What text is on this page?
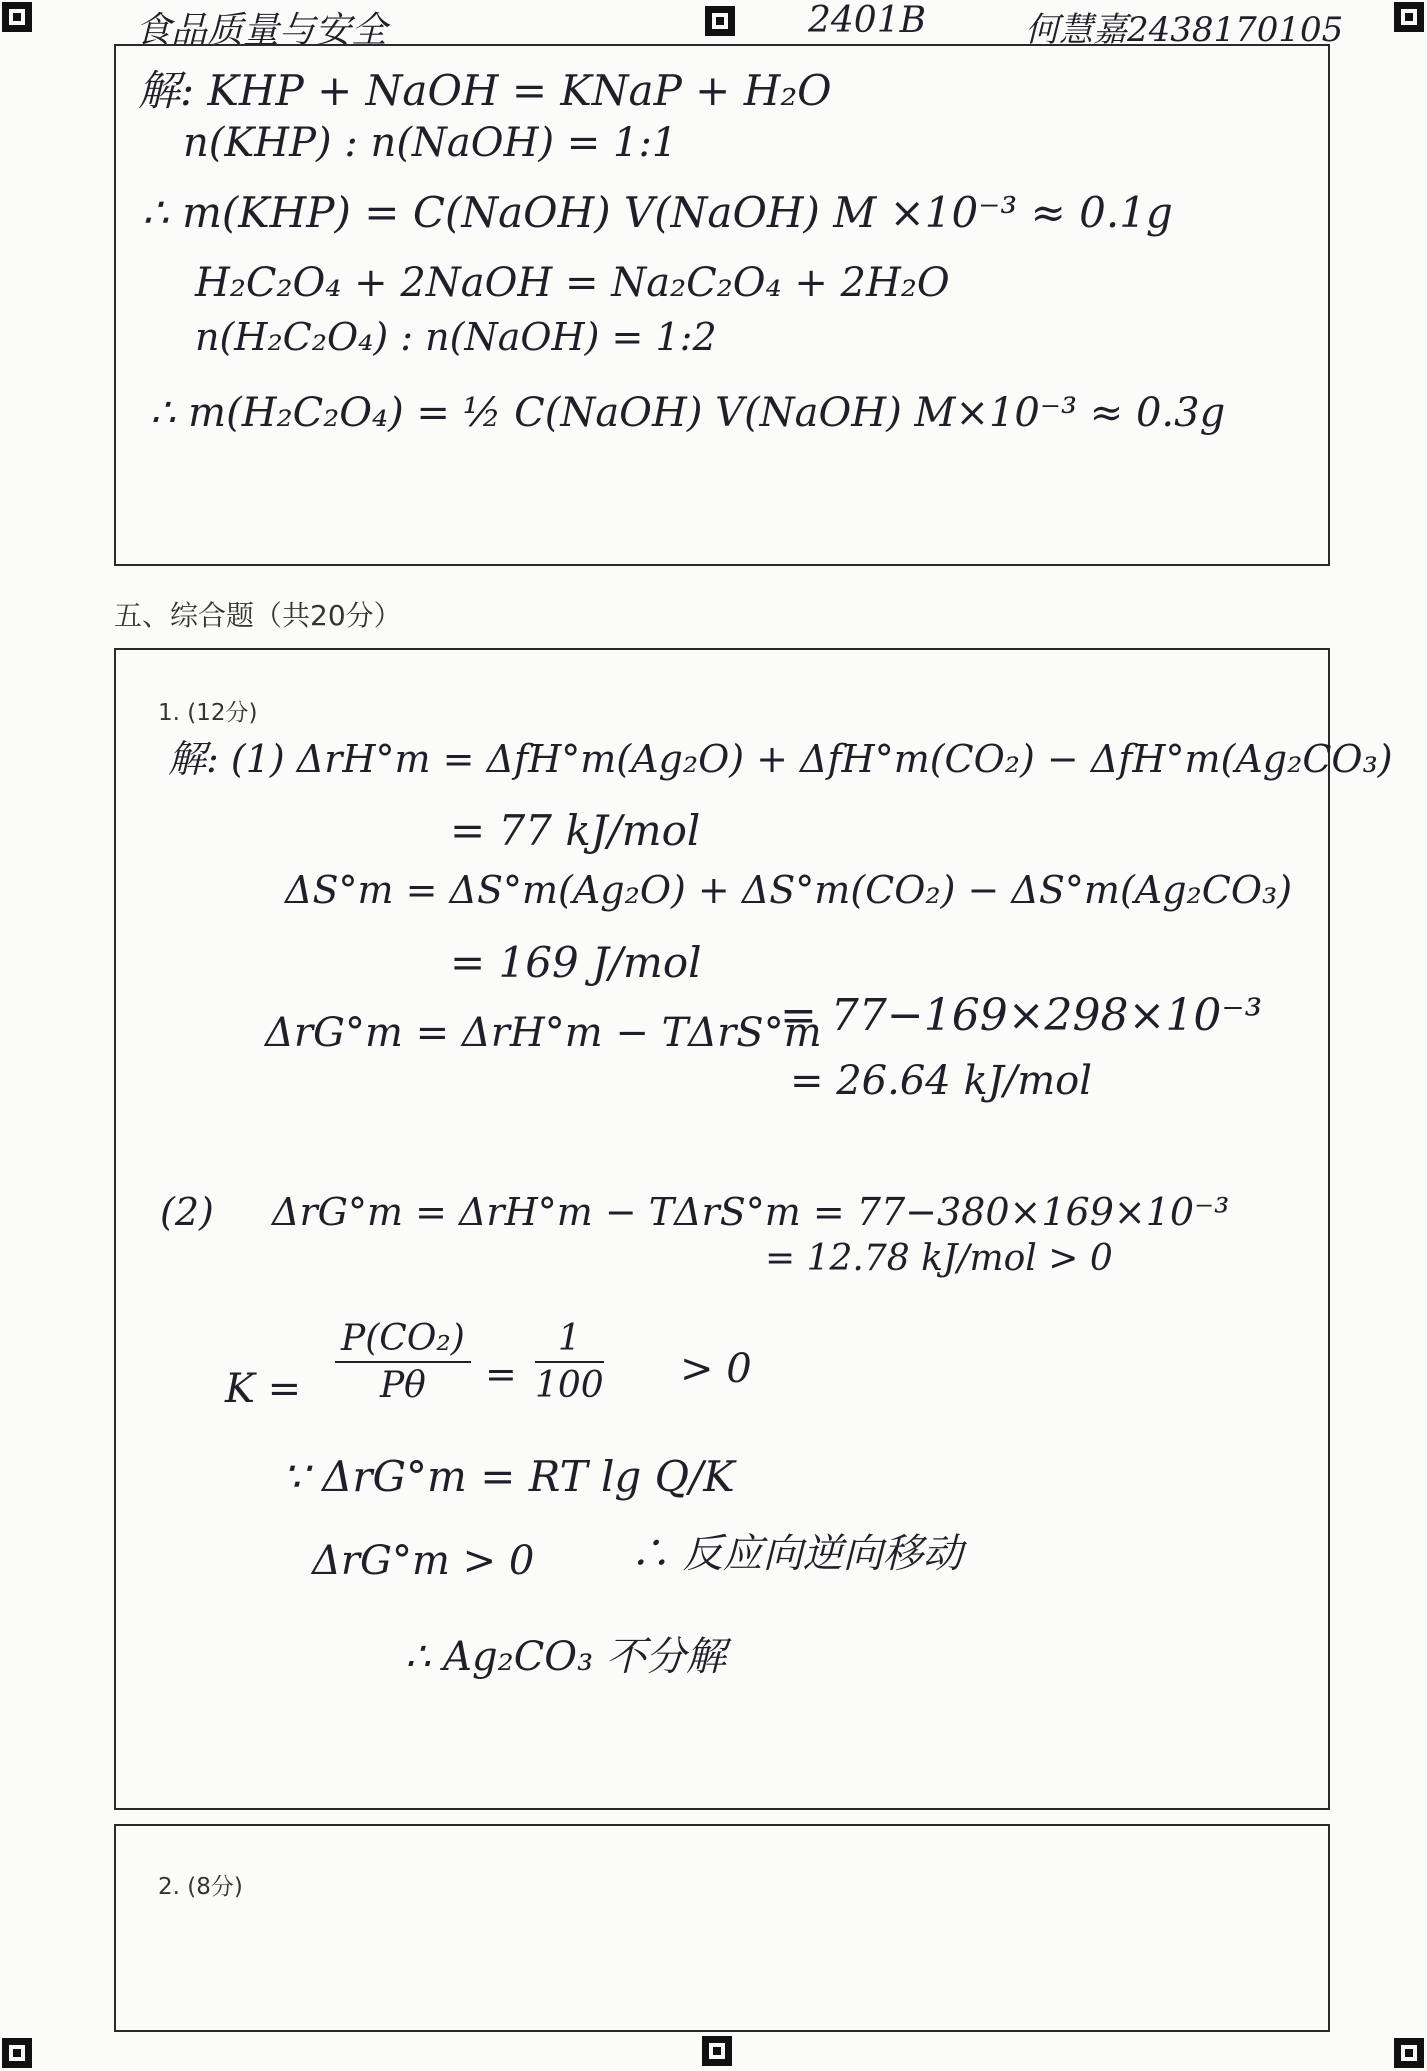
食品质量与安全	2401B	何慧嘉2438170105
解: KHP + NaOH = KNaP + H₂O
n(KHP) : n(NaOH) = 1:1
∴ m(KHP) = C(NaOH) V(NaOH) M ×10⁻³ ≈ 0.1g
H₂C₂O₄ + 2NaOH = Na₂C₂O₄ + 2H₂O
n(H₂C₂O₄) : n(NaOH) = 1:2
∴ m(H₂C₂O₄) = ½ C(NaOH) V(NaOH) M×10⁻³ ≈ 0.3g
五、综合题（共20分）
1. (12分)
解: (1) ΔrH°m = ΔfH°m(Ag₂O) + ΔfH°m(CO₂) − ΔfH°m(Ag₂CO₃)
= 77 kJ/mol
ΔS°m = ΔS°m(Ag₂O) + ΔS°m(CO₂) − ΔS°m(Ag₂CO₃)
= 169 J/mol
ΔrG°m = ΔrH°m − TΔrS°m
= 77−169×298×10⁻³
= 26.64 kJ/mol
(2) ΔrG°m = ΔrH°m − TΔrS°m = 77−380×169×10⁻³
= 12.78 kJ/mol > 0
$K = \frac{\text{P(CO₂)}}{P\theta} = \frac{1}{100} > 0$
∵ ΔrG°m = RT lg Q/K
ΔrG°m > 0 ∴ 反应向逆向移动
∴ Ag₂CO₃ 不分解
2. (8分)
